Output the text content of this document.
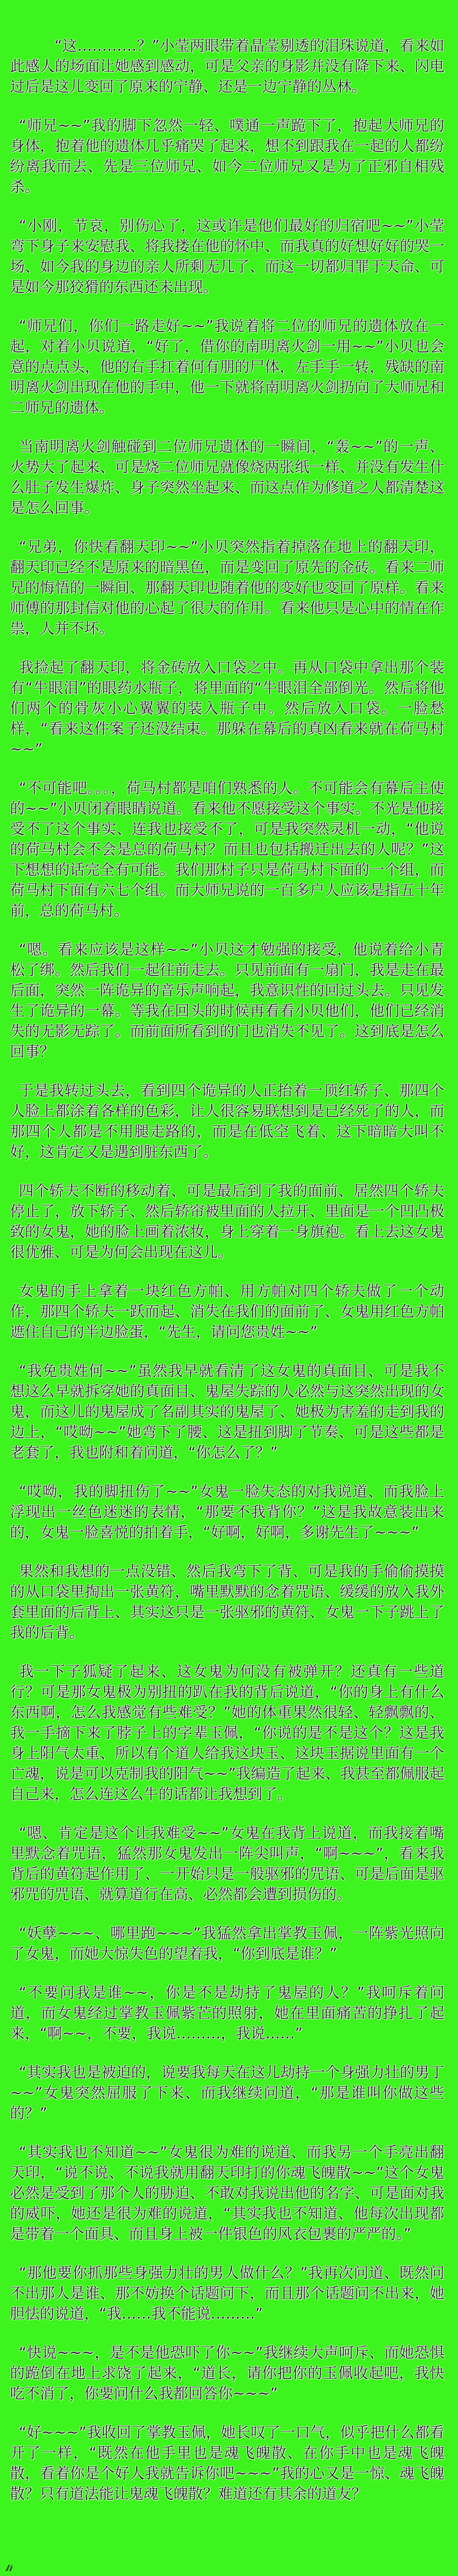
“这…………？”小莹两眼带着晶莹剔透的泪珠说道，看来如此感人的场面让她感到感动，可是父亲的身影并没有降下来、闪电过后是这儿变回了原来的宁静、还是一边宁静的丛林。

“师兄~~”我的脚下忽然一轻、噗通一声跪下了，抱起大师兄的身体，抱着他的遗体几乎痛哭了起来，想不到跟我在一起的人都纷纷离我而去、先是三位师兄、如今二位师兄又是为了正邪自相残杀。

“小刚，节哀，别伤心了，这或许是他们最好的归宿吧~~”小莹弯下身子来安慰我、将我搂在他的怀中、而我真的好想好好的哭一场、如今我的身边的亲人所剩无几了、而这一切都归罪于天命、可是如今那狡猾的东西还未出现。

“师兄们，你们一路走好~~”我说着将二位的师兄的遗体放在一起，对着小贝说道，“好了，借你的南明离火剑一用~~”小贝也会意的点点头，他的右手扛着何有朋的尸体，左手手一转，残缺的南明离火剑出现在他的手中，他一下就将南明离火剑扔向了大师兄和二师兄的遗体。

当南明离火剑触碰到二位师兄遗体的一瞬间，“轰~~”的一声、火势大了起来、可是烧二位师兄就像烧两张纸一样、并没有发生什么肚子发生爆炸、身子突然坐起来、而这点作为修道之人都清楚这是怎么回事。

“兄弟，你快看翻天印~~”小贝突然指着掉落在地上的翻天印，翻天印已经不是原来的暗黑色，而是变回了原先的金砖。看来二师兄的悔悟的一瞬间、那翻天印也随着他的变好也变回了原样。看来师傅的那封信对他的心起了很大的作用。看来他只是心中的情在作祟，人并不坏。

我捡起了翻天印，将金砖放入口袋之中。再从口袋中拿出那个装有“牛眼泪”的眼药水瓶子，将里面的“牛眼泪全部倒光。然后将他们两个的骨灰小心翼翼的装入瓶子中。然后放入口袋。一脸愁样，“看来这件案子还没结束。那躲在幕后的真凶看来就在荷马村~~”

“不可能吧。。。，荷马村都是咱们熟悉的人。不可能会有幕后主使的~~”小贝闭着眼睛说道。看来他不愿接受这个事实。不光是他接受不了这个事实、连我也接受不了，可是我突然灵机一动，“他说的荷马村会不会是总的荷马村？而且也包括搬迁出去的人呢？”这下想想的话完全有可能。我们那村子只是荷马村下面的一个组，而荷马村下面有六七个组。而大师兄说的一百多户人应该是指五十年前，总的荷马村。

“嗯。看来应该是这样~~”小贝这才勉强的接受，他说着给小青松了绑。然后我们一起往前走去。只见前面有一扇门，我是走在最后面，突然一阵诡异的音乐声响起，我意识性的回过头去。只见发生了诡异的一幕。等我在回头的时候再看看小贝他们，他们已经消失的无影无踪了。而前面所看到的门也消失不见了。这到底是怎么回事？

于是我转过头去，看到四个诡异的人正抬着一顶红轿子、那四个人脸上都涂着各样的色彩，让人很容易联想到是已经死了的人，而那四个人都是不用腿走路的，而是在低空飞着、这下暗暗大叫不好，这肯定又是遇到脏东西了。

四个轿夫不断的移动着、可是最后到了我的面前、居然四个轿夫停止了，放下轿子、然后轿帘被里面的人拉开、里面是一个凹凸极致的女鬼，她的脸上画着浓妆，身上穿着一身旗袍。看上去这女鬼很优雅、可是为何会出现在这儿。

女鬼的手上拿着一块红色方帕、用方帕对四个轿夫做了一个动作，那四个轿夫一跃而起、消失在我们的面前了、女鬼用红色方帕遮住自己的半边脸蛋，“先生，请问您贵姓~~”

“我免贵姓何~~”虽然我早就看清了这女鬼的真面目、可是我不想这么早就拆穿她的真面目、鬼屋失踪的人必然与这突然出现的女鬼，而这儿的鬼屋成了名副其实的鬼屋了、她极为害羞的走到我的边上，“哎呦~~”她弯下了腰、这是扭到脚了节奏、可是这些都是老套了，我也附和着问道，“你怎么了？”

“哎呦，我的脚扭伤了~~”女鬼一脸失态的对我说道、而我脸上浮现出一丝色迷迷的表情，“那要不我背你？”这是我故意装出来的，女鬼一脸喜悦的拍着手，“好啊，好啊，多谢先生了~~~”

果然和我想的一点没错、然后我弯下了背、可是我的手偷偷摸摸的从口袋里掏出一张黄符，嘴里默默的念着咒语、缓缓的放入我外套里面的后背上、其实这只是一张驱邪的黄符、女鬼一下子跳上了我的后背。

我一下子狐疑了起来、这女鬼为何没有被弹开？还真有一些道行？可是那女鬼极为别扭的趴在我的背后说道，“你的身上有什么东西啊，怎么我感觉有些难受？”她的体重果然很轻、轻飘飘的、我一手摘下来了脖子上的字辈玉佩，“你说的是不是这个？这是我身上阳气太重、所以有个道人给我这块玉、这块玉据说里面有一个亡魂，说是可以克制我的阳气~~”我编造了起来、我甚至都佩服起自己来，怎么连这么牛的话都让我想到了。

“嗯、肯定是这个让我难受~~”女鬼在我背上说道，而我接着嘴里默念着咒语，猛然那女鬼发出一阵尖叫声，“啊~~~”，看来我背后的黄符起作用了、一开始只是一般驱邪的咒语、可是后面是驱邪咒的咒语、就算道行在高、必然都会遭到损伤的。

“妖孽~~~、哪里跑~~~”我猛然拿出掌教玉佩，一阵紫光照向了女鬼，而她大惊失色的望着我，“你到底是谁？”

“不要问我是谁~~，你是不是劫持了鬼屋的人？”我呵斥着问道，而女鬼经过掌教玉佩紫芒的照射，她在里面痛苦的挣扎了起来，“啊~~，不要，我说………，我说……”

“其实我也是被迫的，说要我每天在这儿劫持一个身强力壮的男丁~~”女鬼突然屈服了下来、而我继续问道，“那是谁叫你做这些的？”

“其实我也不知道~~”女鬼很为难的说道、而我另一个手亮出翻天印，“说不说、不说我就用翻天印打的你魂飞魄散~~”这个女鬼必然是受到了那个人的胁迫、不敢对我说出他的名字、可是面对我的威吓，她还是很为难的说道，“其实我也不知道、他每次出现都是带着一个面具、而且身上被一件银色的风衣包裹的严严的。”

“那他要你抓那些身强力壮的男人做什么？”我再次问道、既然问不出那人是谁、那不妨换个话题问下，而且那个话题问不出来，她胆怯的说道，“我……我不能说………”

“快说~~~，是不是他恐吓了你~~”我继续大声呵斥、而她恐惧的跪倒在地上求饶了起来，“道长，请你把你的玉佩收起吧，我快吃不消了，你要问什么我都回答你~~~”

“好~~~”我收回了掌教玉佩，她长叹了一口气，似乎把什么都看开了一样，“既然在他手里也是魂飞魄散、在你手中也是魂飞魄散，看着你是个好人我就告诉你吧~~~”我的心又是一惊、魂飞魄散？只有道法能让鬼魂飞魄散？难道还有其余的道友？
